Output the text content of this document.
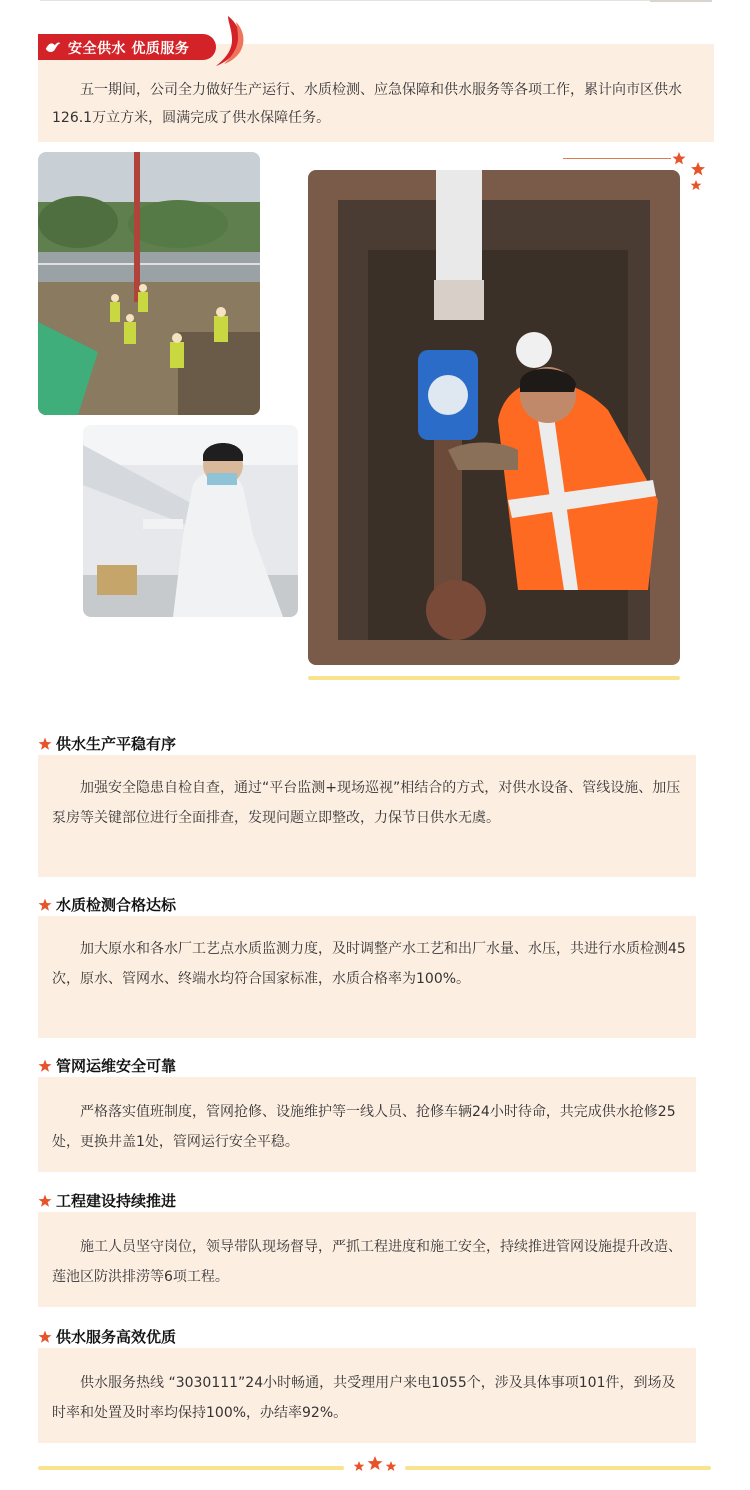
五一期间，公司全力做好生产运行、水质检测、应急保障和供水服务等各项工作，累计向市区供水126.1万立方米，圆满完成了供水保障任务。

安全供水 优质服务
供水生产平稳有序

加强安全隐患自检自查，通过“平台监测+现场巡视”相结合的方式，对供水设备、管线设施、加压泵房等关键部位进行全面排查，发现问题立即整改，力保节日供水无虞。

水质检测合格达标

加大原水和各水厂工艺点水质监测力度，及时调整产水工艺和出厂水量、水压，共进行水质检测45次，原水、管网水、终端水均符合国家标准，水质合格率为100%。

管网运维安全可靠

严格落实值班制度，管网抢修、设施维护等一线人员、抢修车辆24小时待命，共完成供水抢修25处，更换井盖1处，管网运行安全平稳。

工程建设持续推进

施工人员坚守岗位，领导带队现场督导，严抓工程进度和施工安全，持续推进管网设施提升改造、莲池区防洪排涝等6项工程。

供水服务高效优质

供水服务热线 “3030111”24小时畅通，共受理用户来电1055个，涉及具体事项101件，到场及时率和处置及时率均保持100%，办结率92%。
